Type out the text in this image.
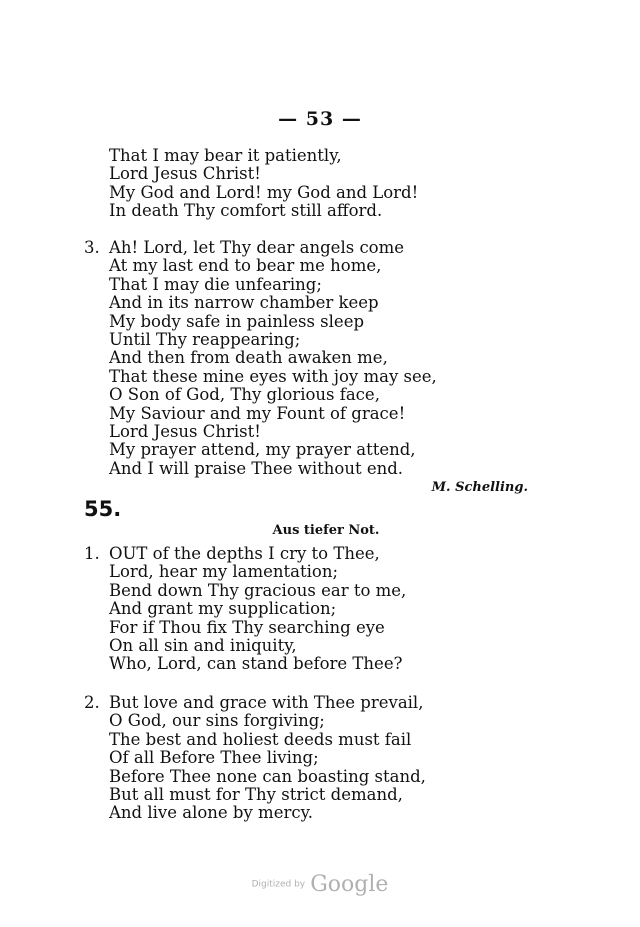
— 53 —
That I may bear it patiently,
Lord Jesus Christ!
My God and Lord! my God and Lord!
In death Thy comfort still afford.
3. Ah! Lord, let Thy dear angels come
At my last end to bear me home,
That I may die unfearing;
And in its narrow chamber keep
My body safe in painless sleep
Until Thy reappearing;
And then from death awaken me,
That these mine eyes with joy may see,
O Son of God, Thy glorious face,
My Saviour and my Fount of grace!
Lord Jesus Christ!
My prayer attend, my prayer attend,
And I will praise Thee without end.
M. Schelling.
55.
Aus tiefer Not.
1. OUT of the depths I cry to Thee,
Lord, hear my lamentation;
Bend down Thy gracious ear to me,
And grant my supplication;
For if Thou fix Thy searching eye
On all sin and iniquity,
Who, Lord, can stand before Thee?
2. But love and grace with Thee prevail,
O God, our sins forgiving;
The best and holiest deeds must fail
Of all Before Thee living;
Before Thee none can boasting stand,
But all must for Thy strict demand,
And live alone by mercy.
Digitized by Google
